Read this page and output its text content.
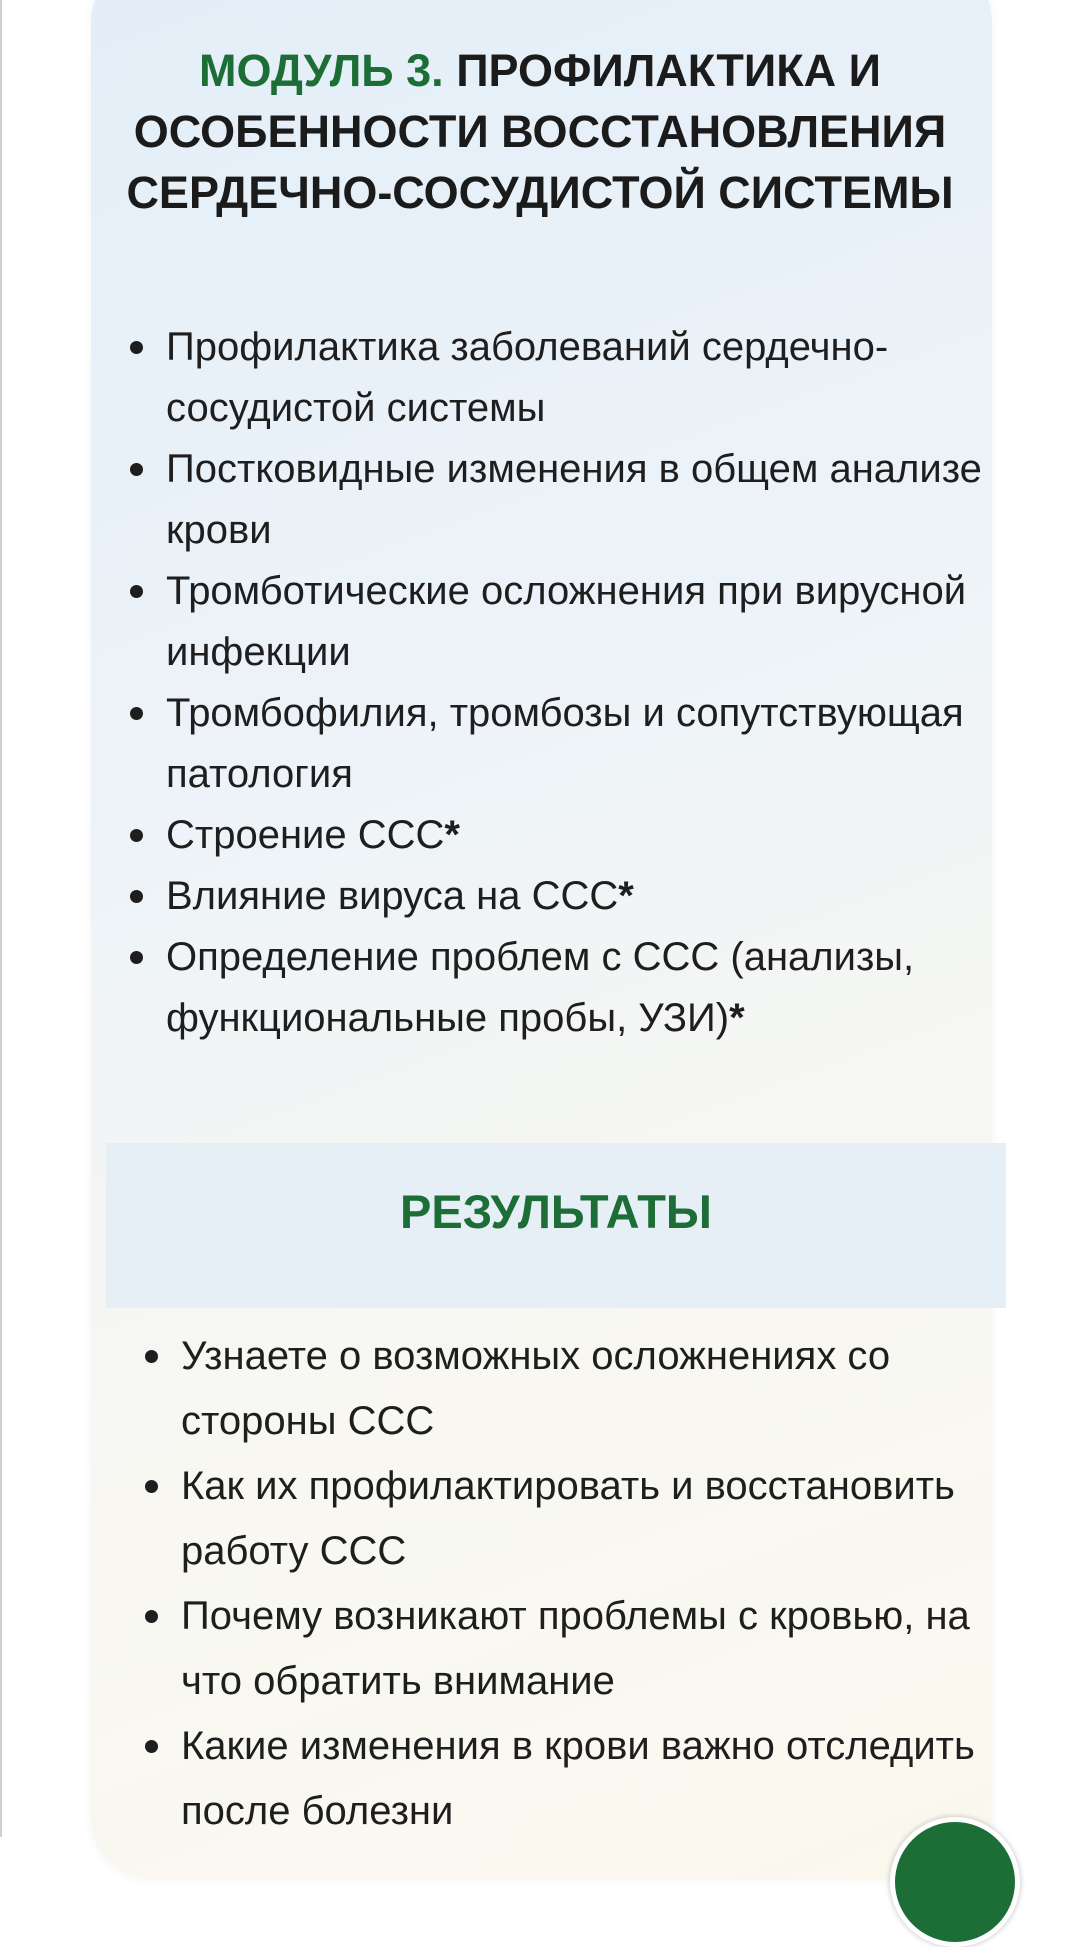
МОДУЛЬ 3. ПРОФИЛАКТИКА И ОСОБЕННОСТИ ВОССТАНОВЛЕНИЯ СЕРДЕЧНО-СОСУДИСТОЙ СИСТЕМЫ
Профилактика заболеваний сердечно-сосудистой системы
Постковидные изменения в общем анализе крови
Тромботические осложнения при вирусной инфекции
Тромбофилия, тромбозы и сопутствующая патология
Строение ССС*
Влияние вируса на ССС*
Определение проблем с ССС (анализы, функциональные пробы, УЗИ)*
РЕЗУЛЬТАТЫ
Узнаете о возможных осложнениях со стороны ССС
Как их профилактировать и восстановить работу ССС
Почему возникают проблемы с кровью, на что обратить внимание
Какие изменения в крови важно отследить после болезни
